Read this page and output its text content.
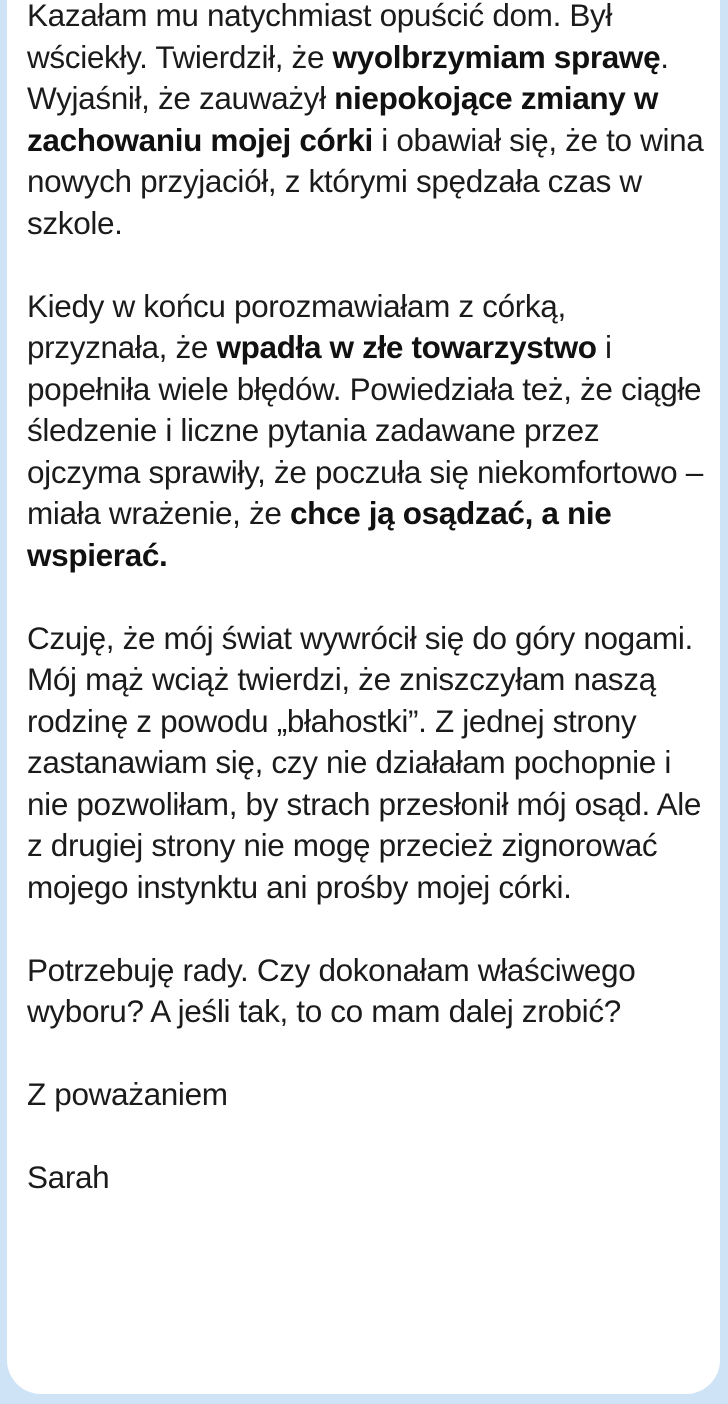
Kazałam mu natychmiast opuścić dom. Był wściekły. Twierdził, że wyolbrzymiam sprawę. Wyjaśnił, że zauważył niepokojące zmiany w zachowaniu mojej córki i obawiał się, że to wina nowych przyjaciół, z którymi spędzała czas w szkole.

Kiedy w końcu porozmawiałam z córką, przyznała, że wpadła w złe towarzystwo i popełniła wiele błędów. Powiedziała też, że ciągłe śledzenie i liczne pytania zadawane przez ojczyma sprawiły, że poczuła się niekomfortowo – miała wrażenie, że chce ją osądzać, a nie wspierać.

Czuję, że mój świat wywrócił się do góry nogami. Mój mąż wciąż twierdzi, że zniszczyłam naszą rodzinę z powodu „błahostki”. Z jednej strony zastanawiam się, czy nie działałam pochopnie i nie pozwoliłam, by strach przesłonił mój osąd. Ale z drugiej strony nie mogę przecież zignorować mojego instynktu ani prośby mojej córki.

Potrzebuję rady. Czy dokonałam właściwego wyboru? A jeśli tak, to co mam dalej zrobić?

Z poważaniem

Sarah
